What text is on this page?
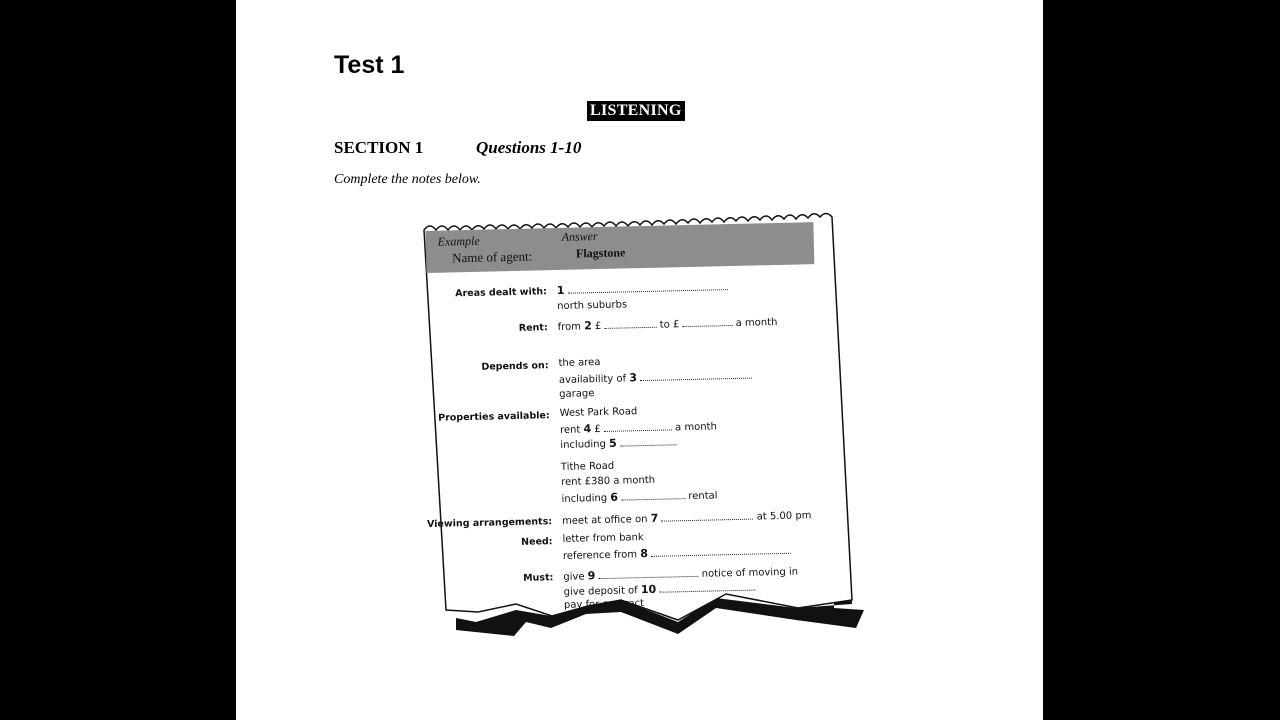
Test 1
LISTENING
SECTION 1	Questions 1-10
Complete the notes below.
Example	Answer
Name of agent:	Flagstone
Areas dealt with: 1
north suburbs
Rent: from 2 £	to £	a month
Depends on: the area
availability of 3
garage
Properties available: West Park Road
rent 4 £	a month
including 5
Tithe Road
rent £380 a month
including 6	rental
Viewing arrangements: meet at office on 7	at 5.00 pm
Need: letter from bank
reference from 8
Must: give 9	notice of moving in
give deposit of 10
pay for contract
